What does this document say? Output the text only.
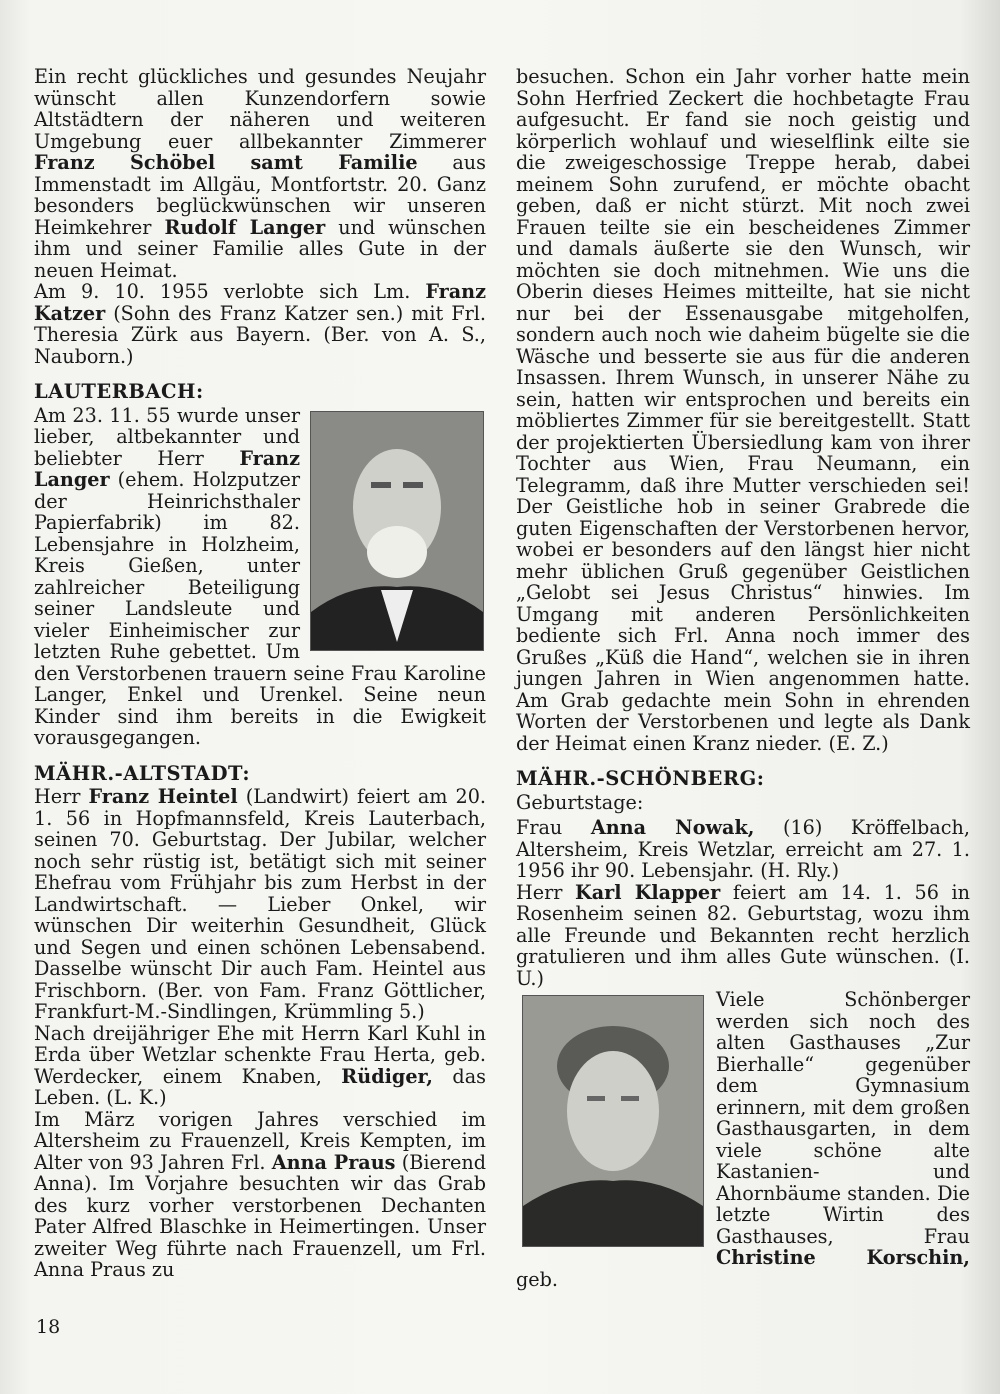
Ein recht glückliches und gesundes Neujahr wünscht allen Kunzendorfern sowie Altstädtern der näheren und weiteren Umgebung euer allbekannter Zimmerer Franz Schöbel samt Familie aus Immenstadt im Allgäu, Montfortstr. 20. Ganz besonders beglückwünschen wir unseren Heimkehrer Rudolf Langer und wünschen ihm und seiner Familie alles Gute in der neuen Heimat.

Am 9. 10. 1955 verlobte sich Lm. Franz Katzer (Sohn des Franz Katzer sen.) mit Frl. Theresia Zürk aus Bayern. (Ber. von A. S., Nauborn.)

LAUTERBACH:

Am 23. 11. 55 wurde unser lieber, altbekannter und beliebter Herr Franz Langer (ehem. Holzputzer der Heinrichsthaler Papierfabrik) im 82. Lebensjahre in Holzheim, Kreis Gießen, unter zahlreicher Beteiligung seiner Landsleute und vieler Einheimischer zur letzten Ruhe gebettet. Um den Verstorbenen trauern seine Frau Karoline Langer, Enkel und Urenkel. Seine neun Kinder sind ihm bereits in die Ewigkeit vorausgegangen.

MÄHR.-ALTSTADT:

Herr Franz Heintel (Landwirt) feiert am 20. 1. 56 in Hopfmannsfeld, Kreis Lauterbach, seinen 70. Geburtstag. Der Jubilar, welcher noch sehr rüstig ist, betätigt sich mit seiner Ehefrau vom Frühjahr bis zum Herbst in der Landwirtschaft. — Lieber Onkel, wir wünschen Dir weiterhin Gesundheit, Glück und Segen und einen schönen Lebensabend. Dasselbe wünscht Dir auch Fam. Heintel aus Frischborn. (Ber. von Fam. Franz Göttlicher, Frankfurt-M.-Sindlingen, Krümmling 5.)

Nach dreijähriger Ehe mit Herrn Karl Kuhl in Erda über Wetzlar schenkte Frau Herta, geb. Werdecker, einem Knaben, Rüdiger, das Leben. (L. K.)

Im März vorigen Jahres verschied im Altersheim zu Frauenzell, Kreis Kempten, im Alter von 93 Jahren Frl. Anna Praus (Bierend Anna). Im Vorjahre besuchten wir das Grab des kurz vorher verstorbenen Dechanten Pater Alfred Blaschke in Heimertingen. Unser zweiter Weg führte nach Frauenzell, um Frl. Anna Praus zu

besuchen. Schon ein Jahr vorher hatte mein Sohn Herfried Zeckert die hochbetagte Frau aufgesucht. Er fand sie noch geistig und körperlich wohlauf und wieselflink eilte sie die zweigeschossige Treppe herab, dabei meinem Sohn zurufend, er möchte obacht geben, daß er nicht stürzt. Mit noch zwei Frauen teilte sie ein bescheidenes Zimmer und damals äußerte sie den Wunsch, wir möchten sie doch mitnehmen. Wie uns die Oberin dieses Heimes mitteilte, hat sie nicht nur bei der Essenausgabe mitgeholfen, sondern auch noch wie daheim bügelte sie die Wäsche und besserte sie aus für die anderen Insassen. Ihrem Wunsch, in unserer Nähe zu sein, hatten wir entsprochen und bereits ein möbliertes Zimmer für sie bereitgestellt. Statt der projektierten Übersiedlung kam von ihrer Tochter aus Wien, Frau Neumann, ein Telegramm, daß ihre Mutter verschieden sei! Der Geistliche hob in seiner Grabrede die guten Eigenschaften der Verstorbenen hervor, wobei er besonders auf den längst hier nicht mehr üblichen Gruß gegenüber Geistlichen „Gelobt sei Jesus Christus“ hinwies. Im Umgang mit anderen Persönlichkeiten bediente sich Frl. Anna noch immer des Grußes „Küß die Hand“, welchen sie in ihren jungen Jahren in Wien angenommen hatte. Am Grab gedachte mein Sohn in ehrenden Worten der Verstorbenen und legte als Dank der Heimat einen Kranz nieder. (E. Z.)

MÄHR.-SCHÖNBERG:

Geburtstage:

Frau Anna Nowak, (16) Kröffelbach, Altersheim, Kreis Wetzlar, erreicht am 27. 1. 1956 ihr 90. Lebensjahr. (H. Rly.)

Herr Karl Klapper feiert am 14. 1. 56 in Rosenheim seinen 82. Geburtstag, wozu ihm alle Freunde und Bekannten recht herzlich gratulieren und ihm alles Gute wünschen. (I. U.)

Viele Schönberger werden sich noch des alten Gasthauses „Zur Bierhalle“ gegenüber dem Gymnasium erinnern, mit dem großen Gasthausgarten, in dem viele schöne alte Kastanien- und Ahornbäume standen. Die letzte Wirtin des Gasthauses, Frau Christine Korschin, geb.

18
